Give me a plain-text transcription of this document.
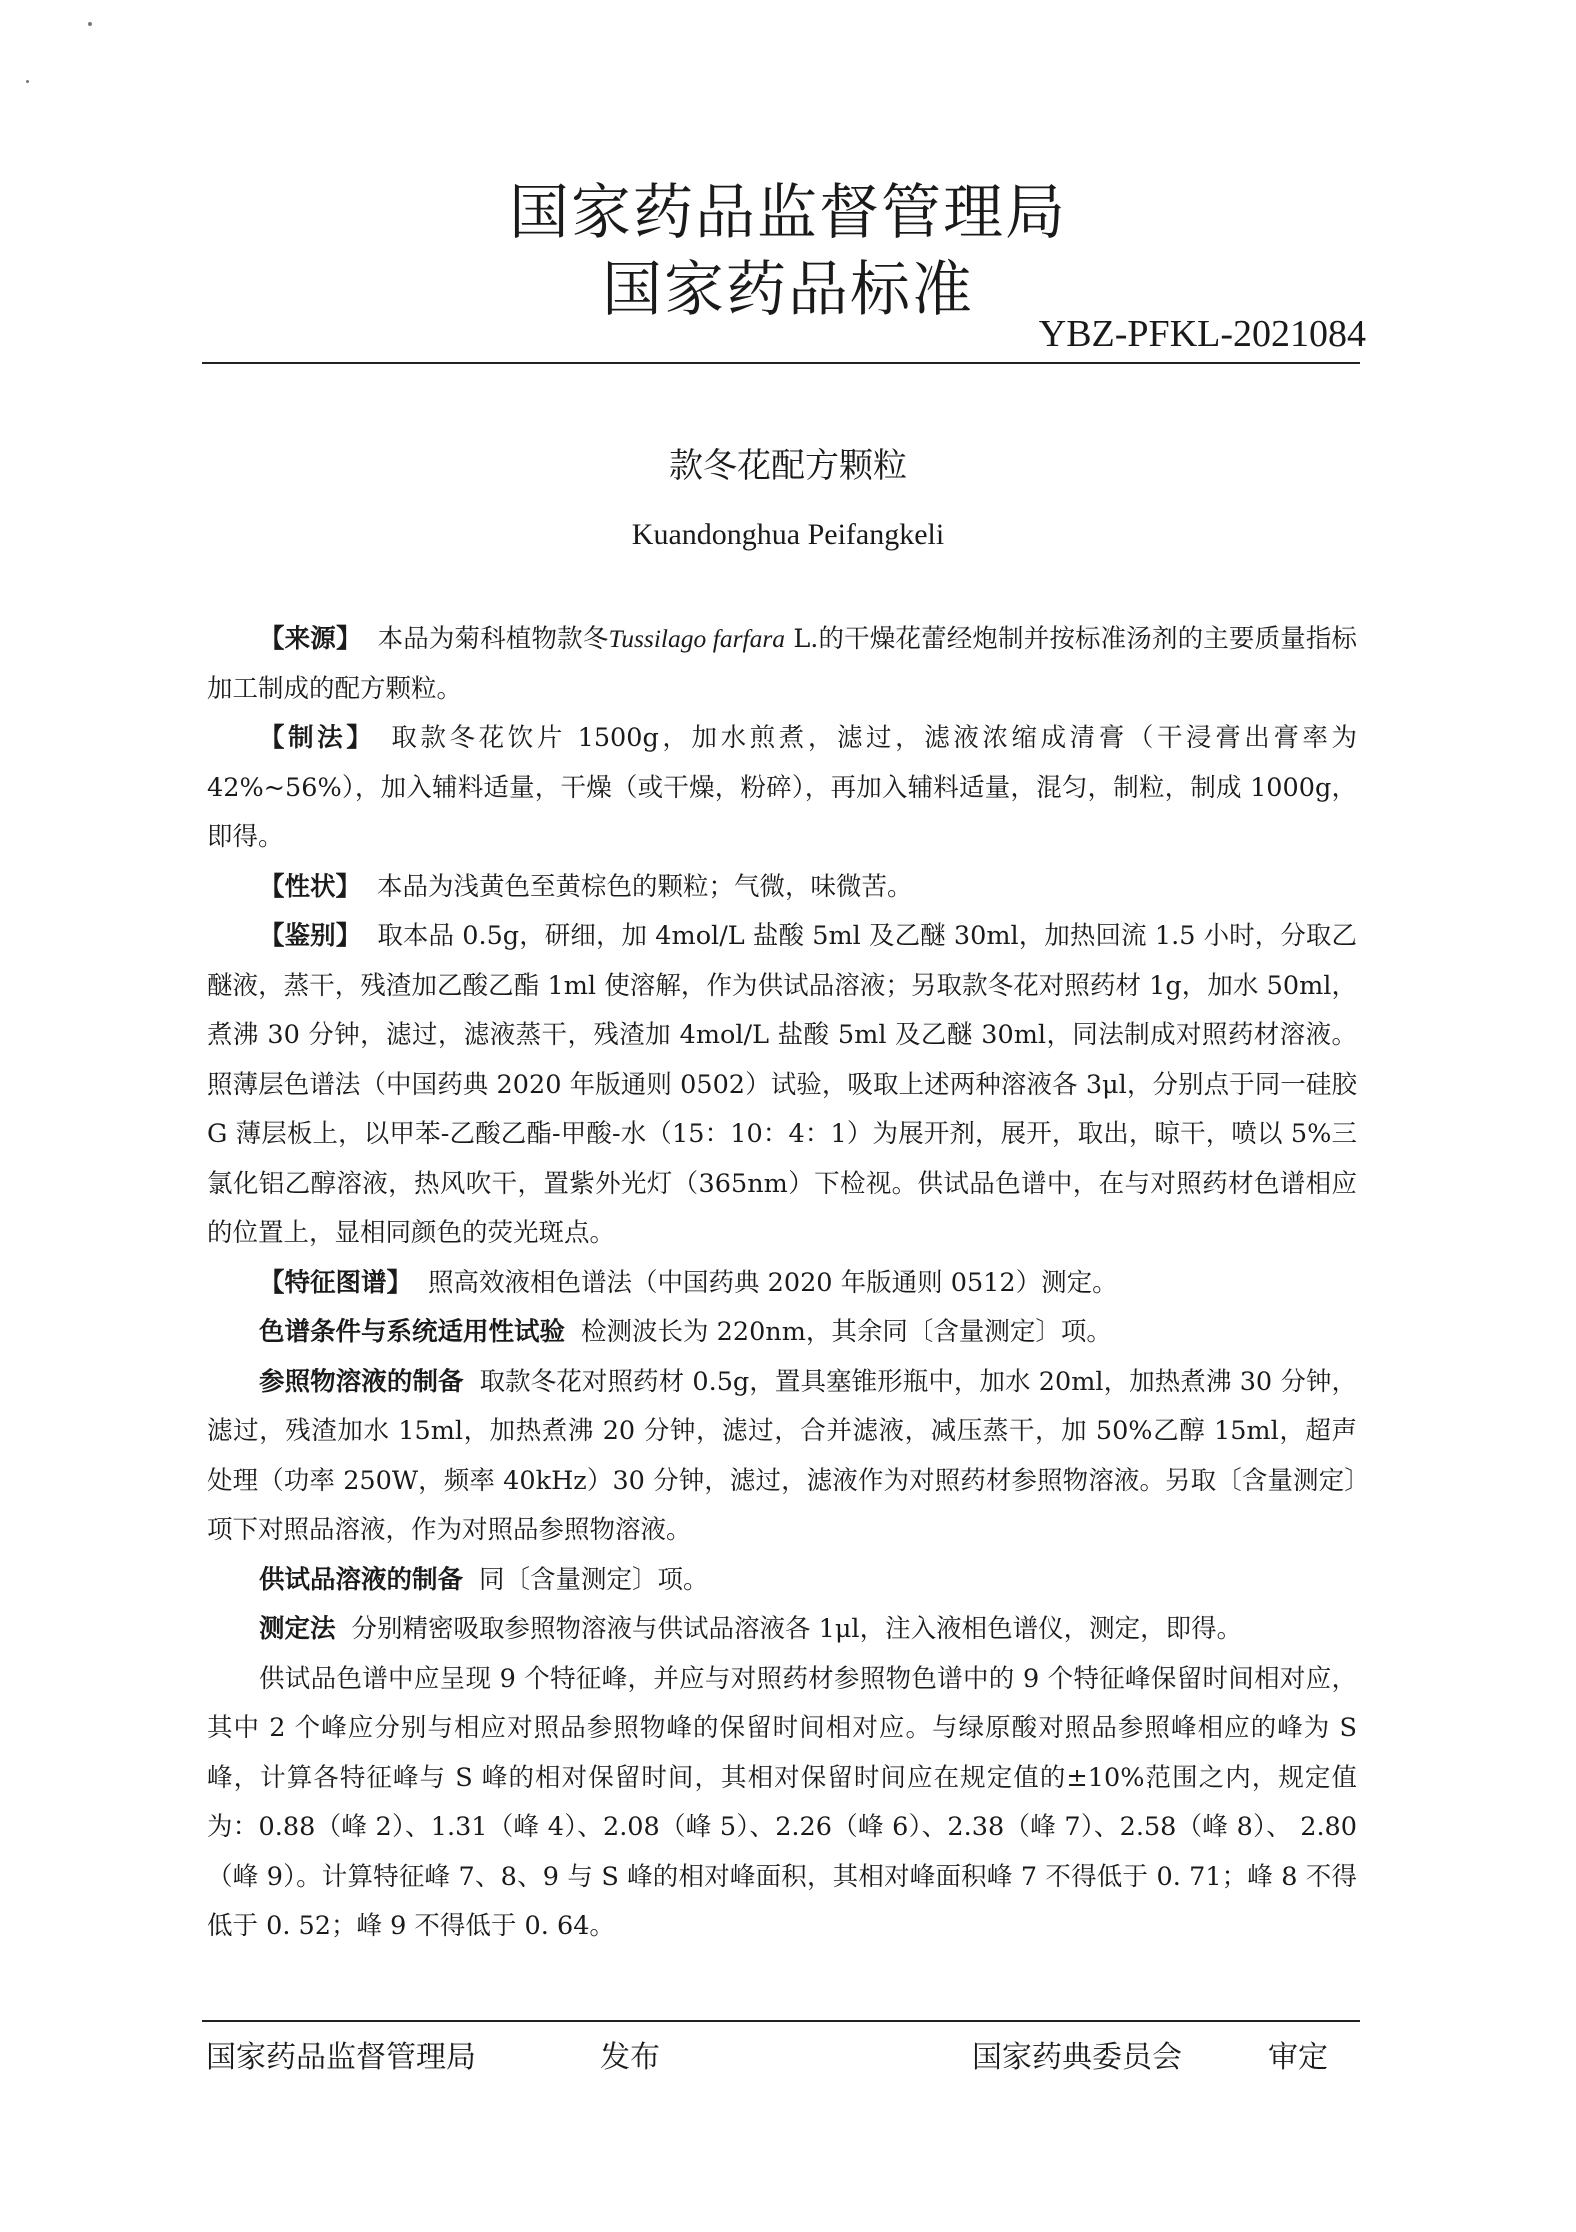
国家药品监督管理局
国家药品标准
YBZ-PFKL-2021084
款冬花配方颗粒
Kuandonghua Peifangkeli

【来源】 本品为菊科植物款冬Tussilago farfara L.的干燥花蕾经炮制并按标准汤剂的主要质量指标加工制成的配方颗粒。

【制法】 取款冬花饮片 1500g，加水煎煮，滤过，滤液浓缩成清膏（干浸膏出膏率为42%~56%），加入辅料适量，干燥（或干燥，粉碎），再加入辅料适量，混匀，制粒，制成 1000g，即得。

【性状】 本品为浅黄色至黄棕色的颗粒；气微，味微苦。

【鉴别】 取本品 0.5g，研细，加 4mol/L 盐酸 5ml 及乙醚 30ml，加热回流 1.5 小时，分取乙醚液，蒸干，残渣加乙酸乙酯 1ml 使溶解，作为供试品溶液；另取款冬花对照药材 1g，加水 50ml，煮沸 30 分钟，滤过，滤液蒸干，残渣加 4mol/L 盐酸 5ml 及乙醚 30ml，同法制成对照药材溶液。照薄层色谱法（中国药典 2020 年版通则 0502）试验，吸取上述两种溶液各 3μl，分别点于同一硅胶 G 薄层板上，以甲苯-乙酸乙酯-甲酸-水（15：10：4：1）为展开剂，展开，取出，晾干，喷以 5%三氯化铝乙醇溶液，热风吹干，置紫外光灯（365nm）下检视。供试品色谱中，在与对照药材色谱相应的位置上，显相同颜色的荧光斑点。

【特征图谱】 照高效液相色谱法（中国药典 2020 年版通则 0512）测定。

色谱条件与系统适用性试验 检测波长为 220nm，其余同〔含量测定〕项。

参照物溶液的制备 取款冬花对照药材 0.5g，置具塞锥形瓶中，加水 20ml，加热煮沸 30 分钟，滤过，残渣加水 15ml，加热煮沸 20 分钟，滤过，合并滤液，减压蒸干，加 50%乙醇 15ml，超声处理（功率 250W，频率 40kHz）30 分钟，滤过，滤液作为对照药材参照物溶液。另取〔含量测定〕项下对照品溶液，作为对照品参照物溶液。

供试品溶液的制备 同〔含量测定〕项。

测定法 分别精密吸取参照物溶液与供试品溶液各 1μl，注入液相色谱仪，测定，即得。

供试品色谱中应呈现 9 个特征峰，并应与对照药材参照物色谱中的 9 个特征峰保留时间相对应，其中 2 个峰应分别与相应对照品参照物峰的保留时间相对应。与绿原酸对照品参照峰相应的峰为 S 峰，计算各特征峰与 S 峰的相对保留时间，其相对保留时间应在规定值的±10%范围之内，规定值为：0.88（峰 2）、1.31（峰 4）、2.08（峰 5）、2.26（峰 6）、2.38（峰 7）、2.58（峰 8）、 2.80（峰 9）。计算特征峰 7、8、9 与 S 峰的相对峰面积，其相对峰面积峰 7 不得低于 0. 71；峰 8 不得低于 0. 52；峰 9 不得低于 0. 64。

国家药品监督管理局	发布	国家药典委员会	审定
